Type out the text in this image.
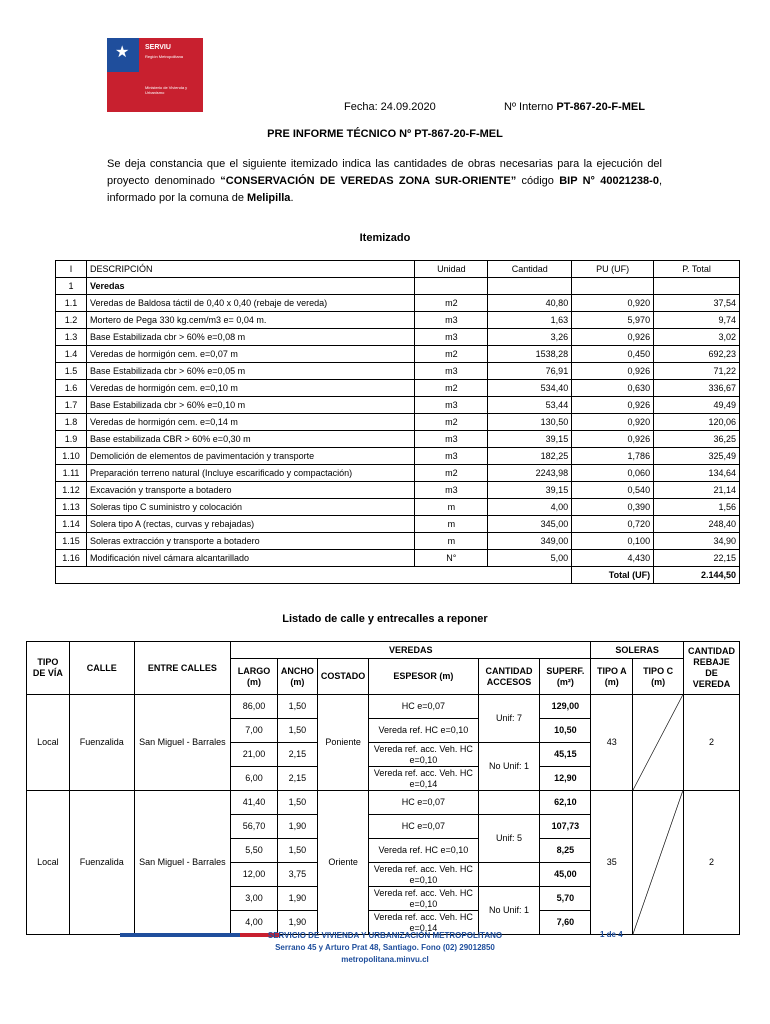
★ SERVIU
Región Metropolitana
Ministerio de Vivienda y Urbanismo
Fecha: 24.09.2020	Nº Interno PT-867-20-F-MEL
PRE INFORME TÉCNICO Nº PT-867-20-F-MEL
Se deja constancia que el siguiente itemizado indica las cantidades de obras necesarias para la ejecución del proyecto denominado “CONSERVACIÓN DE VEREDAS ZONA SUR-ORIENTE” código BIP N° 40021238-0, informado por la comuna de Melipilla.
Itemizado
I	DESCRIPCIÓN	Unidad	Cantidad	PU (UF)	P. Total
1	Veredas				
1.1	Veredas de Baldosa táctil de 0,40 x 0,40 (rebaje de vereda)	m2	40,80	0,920	37,54
1.2	Mortero de Pega 330 kg.cem/m3 e= 0,04 m.	m3	1,63	5,970	9,74
1.3	Base Estabilizada cbr > 60% e=0,08 m	m3	3,26	0,926	3,02
1.4	Veredas de hormigón cem. e=0,07 m	m2	1538,28	0,450	692,23
1.5	Base Estabilizada cbr > 60% e=0,05 m	m3	76,91	0,926	71,22
1.6	Veredas de hormigón cem. e=0,10 m	m2	534,40	0,630	336,67
1.7	Base Estabilizada cbr > 60% e=0,10 m	m3	53,44	0,926	49,49
1.8	Veredas de hormigón cem. e=0,14 m	m2	130,50	0,920	120,06
1.9	Base estabilizada CBR > 60% e=0,30 m	m3	39,15	0,926	36,25
1.10	Demolición de elementos de pavimentación y transporte	m3	182,25	1,786	325,49
1.11	Preparación terreno natural (Incluye escarificado y compactación)	m2	2243,98	0,060	134,64
1.12	Excavación y transporte a botadero	m3	39,15	0,540	21,14
1.13	Soleras tipo C suministro y colocación	m	4,00	0,390	1,56
1.14	Solera tipo A (rectas, curvas y rebajadas)	m	345,00	0,720	248,40
1.15	Soleras extracción y transporte a botadero	m	349,00	0,100	34,90
1.16	Modificación nivel cámara alcantarillado	N°	5,00	4,430	22,15
				Total (UF)	2.144,50
Listado de calle y entrecalles a reponer
TIPO DE VÍA	CALLE	ENTRE CALLES	VEREDAS						SOLERAS		CANTIDAD REBAJE DE VEREDA
			LARGO (m)	ANCHO (m)	COSTADO	ESPESOR (m)	CANTIDAD ACCESOS	SUPERF. (m²)	TIPO A (m)	TIPO C (m)	
Local	Fuenzalida	San Miguel - Barrales	86,00	1,50	Poniente	HC e=0,07	Unif: 7	129,00	43		2
			7,00	1,50		Vereda ref. HC e=0,10		10,50			
			21,00	2,15		Vereda ref. acc. Veh. HC e=0,10	No Unif: 1	45,15			
			6,00	2,15		Vereda ref. acc. Veh. HC e=0,14		12,90			
Local	Fuenzalida	San Miguel - Barrales	41,40	1,50	Oriente	HC e=0,07		62,10	35		2
			56,70	1,90		HC e=0,07	Unif: 5	107,73			
			5,50	1,50		Vereda ref. HC e=0,10		8,25			
			12,00	3,75		Vereda ref. acc. Veh. HC e=0,10		45,00			
			3,00	1,90		Vereda ref. acc. Veh. HC e=0,10	No Unif: 1	5,70			
			4,00	1,90		Vereda ref. acc. Veh. HC e=0,14		7,60			
SERVICIO DE VIVIENDA Y URBANIZACIÓN METROPOLITANO
Serrano 45 y Arturo Prat 48, Santiago. Fono (02) 29012850
metropolitana.minvu.cl
1 de 4
